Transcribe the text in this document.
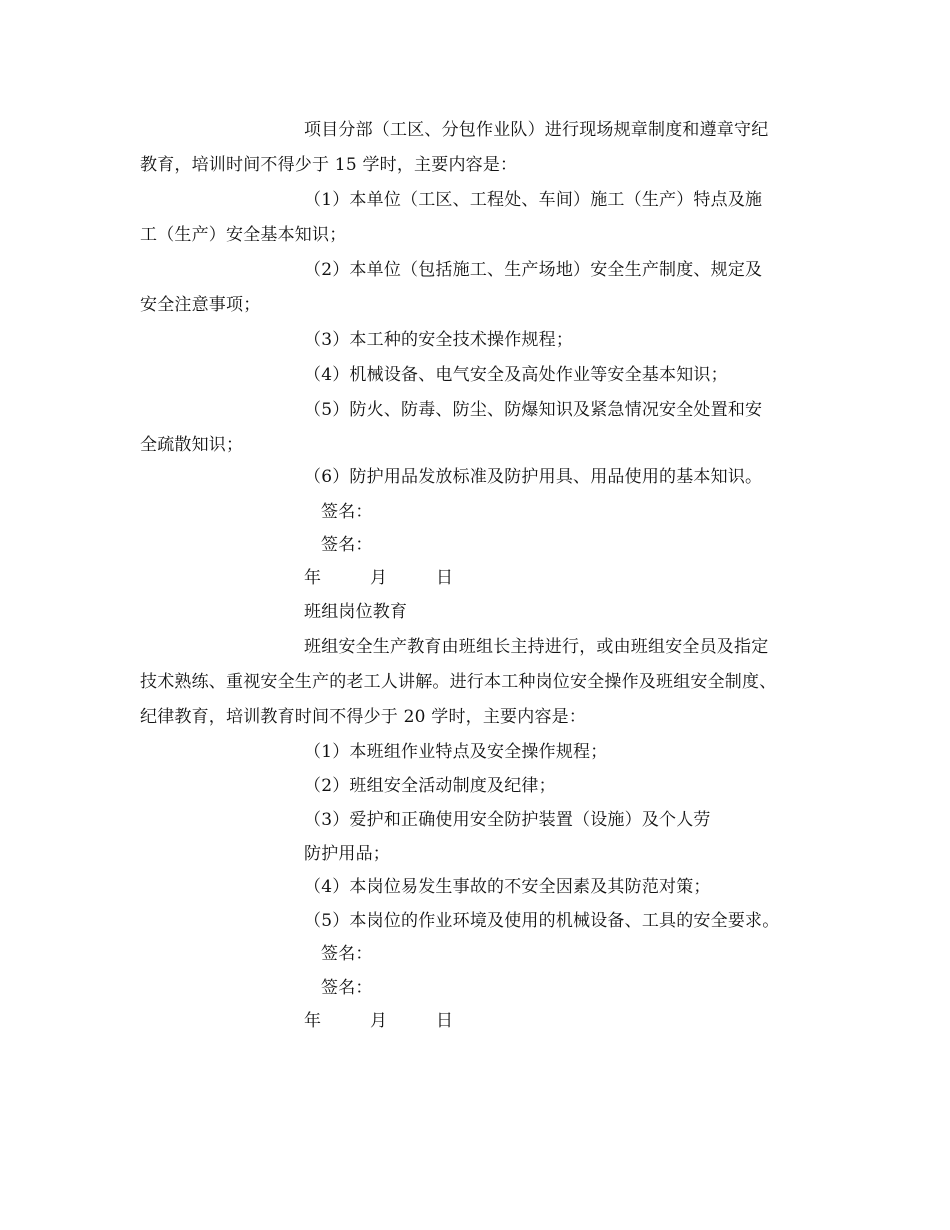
项目分部（工区、分包作业队）进行现场规章制度和遵章守纪
教育，培训时间不得少于 15 学时，主要内容是：
（1）本单位（工区、工程处、车间）施工（生产）特点及施
工（生产）安全基本知识；
（2）本单位（包括施工、生产场地）安全生产制度、规定及
安全注意事项；
（3）本工种的安全技术操作规程；
（4）机械设备、电气安全及高处作业等安全基本知识；
（5）防火、防毒、防尘、防爆知识及紧急情况安全处置和安
全疏散知识；
（6）防护用品发放标准及防护用具、用品使用的基本知识。
签名：
签名：
年	月	日
班组岗位教育
班组安全生产教育由班组长主持进行，或由班组安全员及指定
技术熟练、重视安全生产的老工人讲解。进行本工种岗位安全操作及班组安全制度、
纪律教育，培训教育时间不得少于 20 学时，主要内容是：
（1）本班组作业特点及安全操作规程；
（2）班组安全活动制度及纪律；
（3）爱护和正确使用安全防护装置（设施）及个人劳
防护用品；
（4）本岗位易发生事故的不安全因素及其防范对策；
（5）本岗位的作业环境及使用的机械设备、工具的安全要求。
签名：
签名：
年	月	日
